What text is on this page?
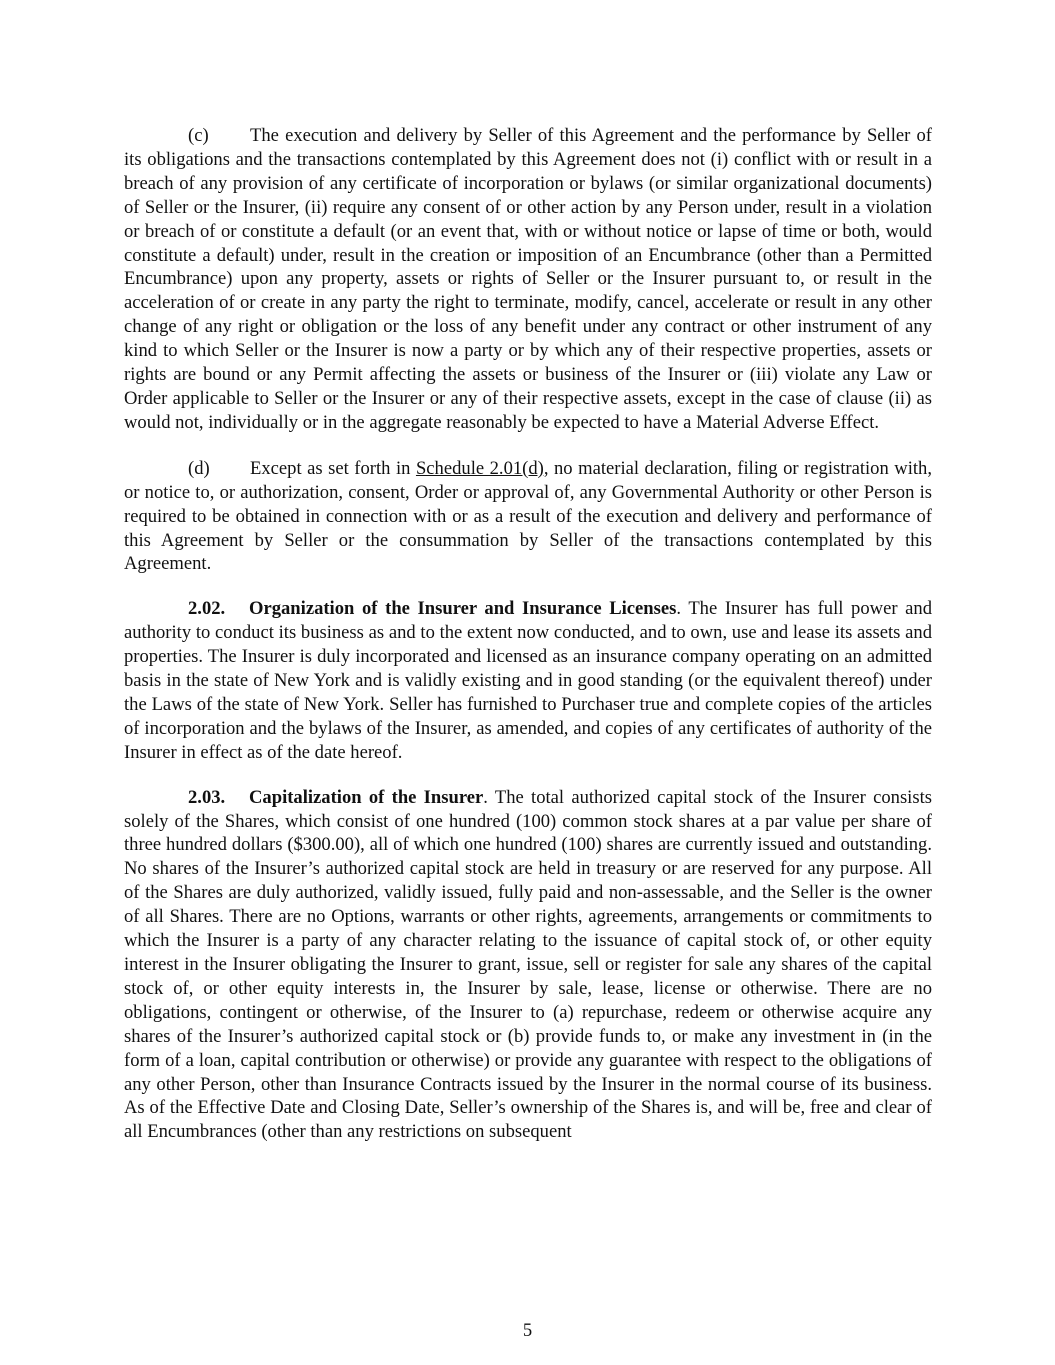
(c) The execution and delivery by Seller of this Agreement and the performance by Seller of its obligations and the transactions contemplated by this Agreement does not (i) conflict with or result in a breach of any provision of any certificate of incorporation or bylaws (or similar organizational documents) of Seller or the Insurer, (ii) require any consent of or other action by any Person under, result in a violation or breach of or constitute a default (or an event that, with or without notice or lapse of time or both, would constitute a default) under, result in the creation or imposition of an Encumbrance (other than a Permitted Encumbrance) upon any property, assets or rights of Seller or the Insurer pursuant to, or result in the acceleration of or create in any party the right to terminate, modify, cancel, accelerate or result in any other change of any right or obligation or the loss of any benefit under any contract or other instrument of any kind to which Seller or the Insurer is now a party or by which any of their respective properties, assets or rights are bound or any Permit affecting the assets or business of the Insurer or (iii) violate any Law or Order applicable to Seller or the Insurer or any of their respective assets, except in the case of clause (ii) as would not, individually or in the aggregate reasonably be expected to have a Material Adverse Effect.

(d) Except as set forth in Schedule 2.01(d), no material declaration, filing or registration with, or notice to, or authorization, consent, Order or approval of, any Governmental Authority or other Person is required to be obtained in connection with or as a result of the execution and delivery and performance of this Agreement by Seller or the consummation by Seller of the transactions contemplated by this Agreement.

2.02. Organization of the Insurer and Insurance Licenses. The Insurer has full power and authority to conduct its business as and to the extent now conducted, and to own, use and lease its assets and properties. The Insurer is duly incorporated and licensed as an insurance company operating on an admitted basis in the state of New York and is validly existing and in good standing (or the equivalent thereof) under the Laws of the state of New York. Seller has furnished to Purchaser true and complete copies of the articles of incorporation and the bylaws of the Insurer, as amended, and copies of any certificates of authority of the Insurer in effect as of the date hereof.

2.03. Capitalization of the Insurer. The total authorized capital stock of the Insurer consists solely of the Shares, which consist of one hundred (100) common stock shares at a par value per share of three hundred dollars ($300.00), all of which one hundred (100) shares are currently issued and outstanding. No shares of the Insurer’s authorized capital stock are held in treasury or are reserved for any purpose. All of the Shares are duly authorized, validly issued, fully paid and non-assessable, and the Seller is the owner of all Shares. There are no Options, warrants or other rights, agreements, arrangements or commitments to which the Insurer is a party of any character relating to the issuance of capital stock of, or other equity interest in the Insurer obligating the Insurer to grant, issue, sell or register for sale any shares of the capital stock of, or other equity interests in, the Insurer by sale, lease, license or otherwise. There are no obligations, contingent or otherwise, of the Insurer to (a) repurchase, redeem or otherwise acquire any shares of the Insurer’s authorized capital stock or (b) provide funds to, or make any investment in (in the form of a loan, capital contribution or otherwise) or provide any guarantee with respect to the obligations of any other Person, other than Insurance Contracts issued by the Insurer in the normal course of its business. As of the Effective Date and Closing Date, Seller’s ownership of the Shares is, and will be, free and clear of all Encumbrances (other than any restrictions on subsequent

5
